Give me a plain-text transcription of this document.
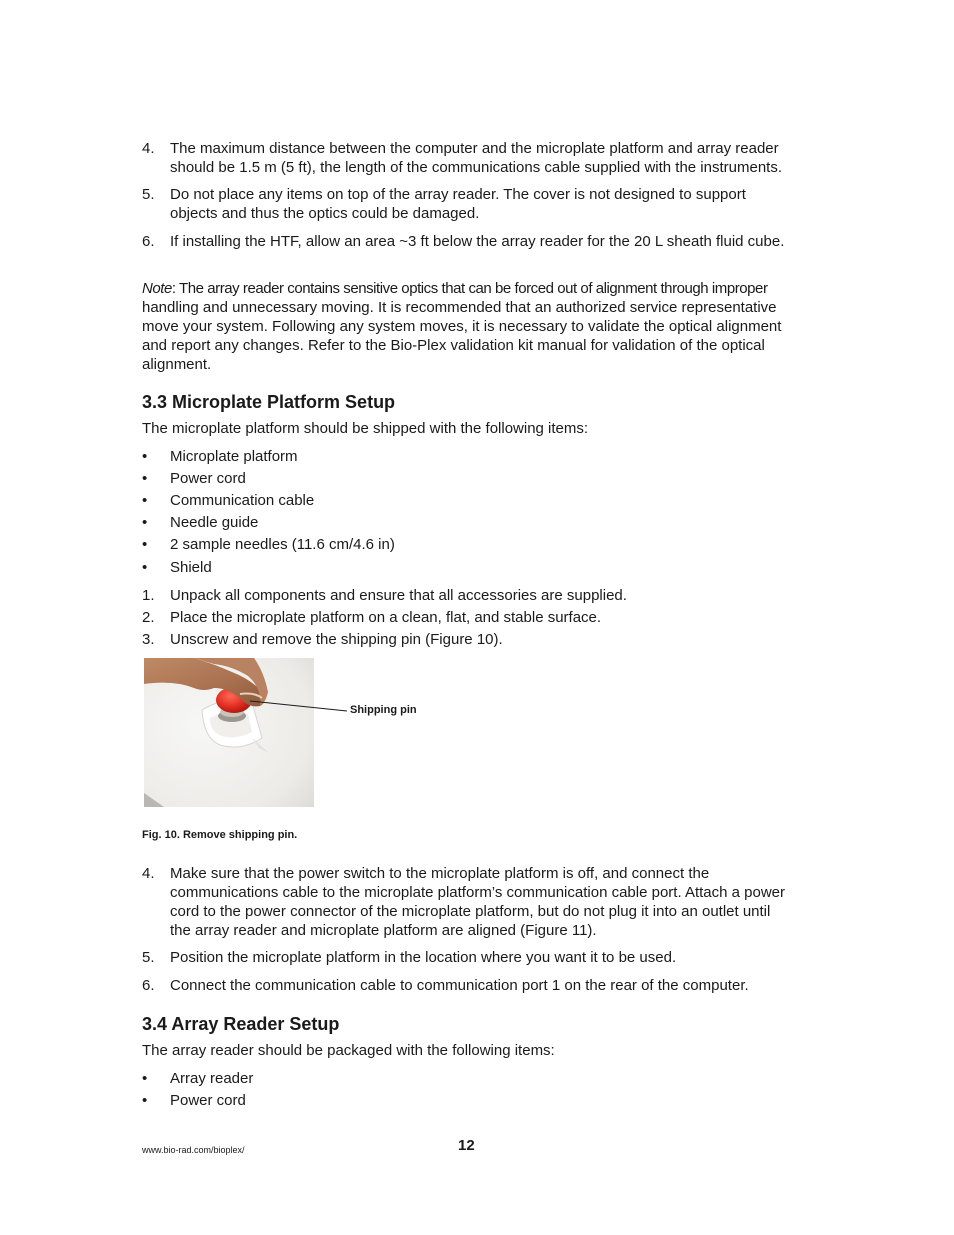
4.	The maximum distance between the computer and the microplate platform and array reader should be 1.5 m (5 ft), the length of the communications cable supplied with the instruments.
5.	Do not place any items on top of the array reader. The cover is not designed to support objects and thus the optics could be damaged.
6.	If installing the HTF, allow an area ~3 ft below the array reader for the 20 L sheath fluid cube.
Note: The array reader contains sensitive optics that can be forced out of alignment through improper
handling and unnecessary moving. It is recommended that an authorized service representative move your system. Following any system moves, it is necessary to validate the optical alignment and report any changes. Refer to the Bio-Plex validation kit manual for validation of the optical alignment.
3.3 Microplate Platform Setup
The microplate platform should be shipped with the following items:
•	Microplate platform
•	Power cord
•	Communication cable
•	Needle guide
•	2 sample needles (11.6 cm/4.6 in)
•	Shield
1.	Unpack all components and ensure that all accessories are supplied.
2.	Place the microplate platform on a clean, flat, and stable surface.
3.	Unscrew and remove the shipping pin (Figure 10).
Shipping pin
Fig. 10. Remove shipping pin.
4.	Make sure that the power switch to the microplate platform is off, and connect the communications cable to the microplate platform’s communication cable port. Attach a power cord to the power connector of the microplate platform, but do not plug it into an outlet until the array reader and microplate platform are aligned (Figure 11).
5.	Position the microplate platform in the location where you want it to be used.
6.	Connect the communication cable to communication port 1 on the rear of the computer.
3.4 Array Reader Setup
The array reader should be packaged with the following items:
•	Array reader
•	Power cord
www.bio-rad.com/bioplex/	12
